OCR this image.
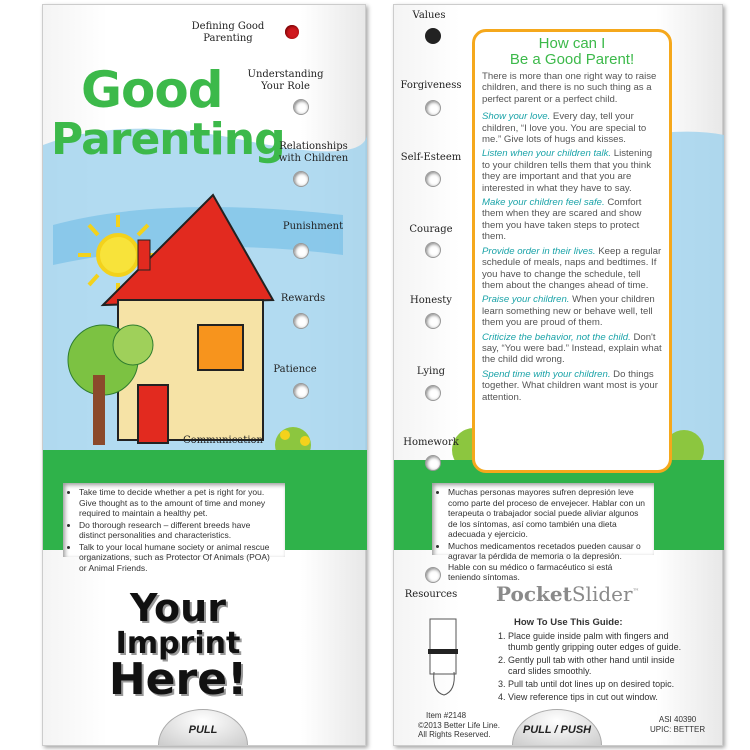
Good
Parenting
Defining Good Parenting
Understanding Your Role
Relationships with Children
Punishment
Rewards
Patience
Communication
• Take time to decide whether a pet is right for you. Give thought as to the amount of time and money required to maintain a healthy pet.
• Do thorough research – different breeds have distinct personalities and characteristics.
• Talk to your local humane society or animal rescue organizations, such as Protector Of Animals (POA) or Animal Friends.
Your
Imprint
Here!
PULL
Values
Forgiveness
Self-Esteem
Courage
Honesty
Lying
Homework
Resources
How can I
Be a Good Parent!

There is more than one right way to raise children, and there is no such thing as a perfect parent or a perfect child.

Show your love. Every day, tell your children, “I love you. You are special to me.” Give lots of hugs and kisses.

Listen when your children talk. Listening to your children tells them that you think they are important and that you are interested in what they have to say.

Make your children feel safe. Comfort them when they are scared and show them you have taken steps to protect them.

Provide order in their lives. Keep a regular schedule of meals, naps and bedtimes. If you have to change the schedule, tell them about the changes ahead of time.

Praise your children. When your children learn something new or behave well, tell them you are proud of them.

Criticize the behavior, not the child. Don't say, “You were bad.” Instead, explain what the child did wrong.

Spend time with your children. Do things together. What children want most is your attention.

• Muchas personas mayores sufren depresión leve como parte del proceso de envejecer. Hablar con un terapeuta o trabajador social puede aliviar algunos de los síntomas, así como también una dieta adecuada y ejercicio.
• Muchos medicamentos recetados pueden causar o agravar la pérdida de memoria o la depresión. Hable con su médico o farmacéutico si está teniendo síntomas.
PocketSlider™
How To Use This Guide:
1. Place guide inside palm with fingers and thumb gently gripping outer edges of guide.
2. Gently pull tab with other hand until inside card slides smoothly.
3. Pull tab until dot lines up on desired topic.
4. View reference tips in cut out window.
Item #2148
©2013 Better Life Line.
All Rights Reserved.
ASI 40390
UPIC: BETTER
PULL / PUSH
